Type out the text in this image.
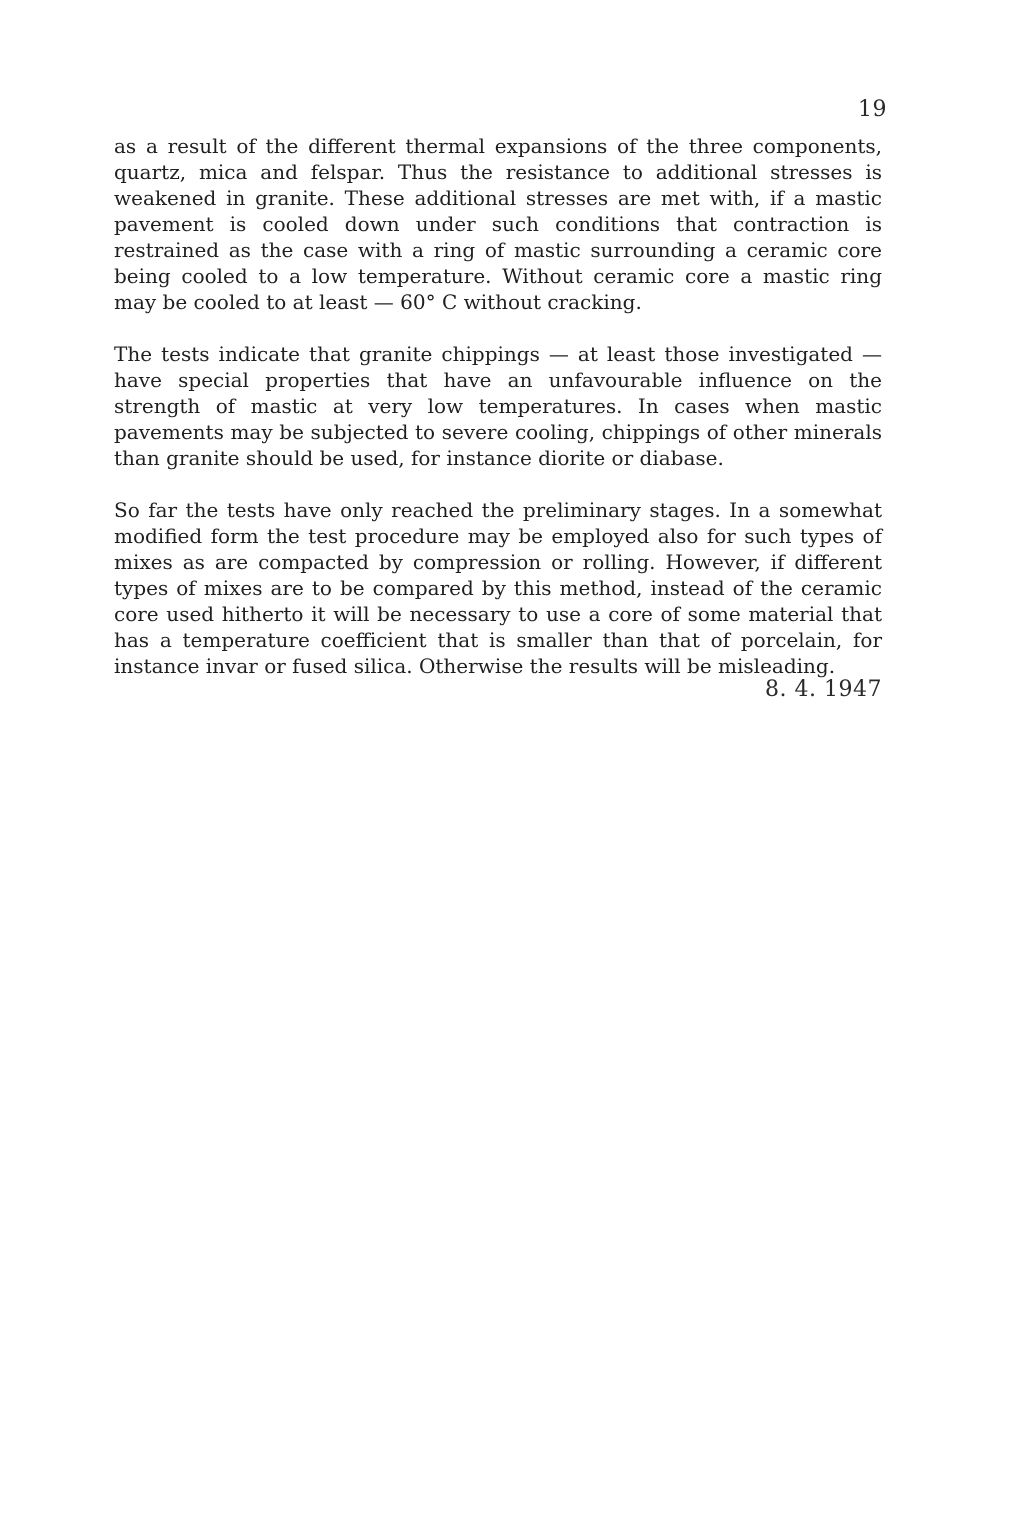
19

as a result of the different thermal expansions of the three components, quartz, mica and felspar. Thus the resistance to additional stresses is weakened in granite. These additional stresses are met with, if a mastic pavement is cooled down under such conditions that contraction is restrained as the case with a ring of mastic surrounding a ceramic core being cooled to a low temperature. Without ceramic core a mastic ring may be cooled to at least — 60° C without cracking.

The tests indicate that granite chippings — at least those investigated — have special properties that have an unfavourable influence on the strength of mastic at very low temperatures. In cases when mastic pavements may be subjected to severe cooling, chippings of other minerals than granite should be used, for instance diorite or diabase.

So far the tests have only reached the preliminary stages. In a somewhat modified form the test procedure may be employed also for such types of mixes as are compacted by compression or rolling. However, if different types of mixes are to be compared by this method, instead of the ceramic core used hitherto it will be necessary to use a core of some material that has a temperature coefficient that is smaller than that of porcelain, for instance invar or fused silica. Otherwise the results will be misleading.

8. 4. 1947
